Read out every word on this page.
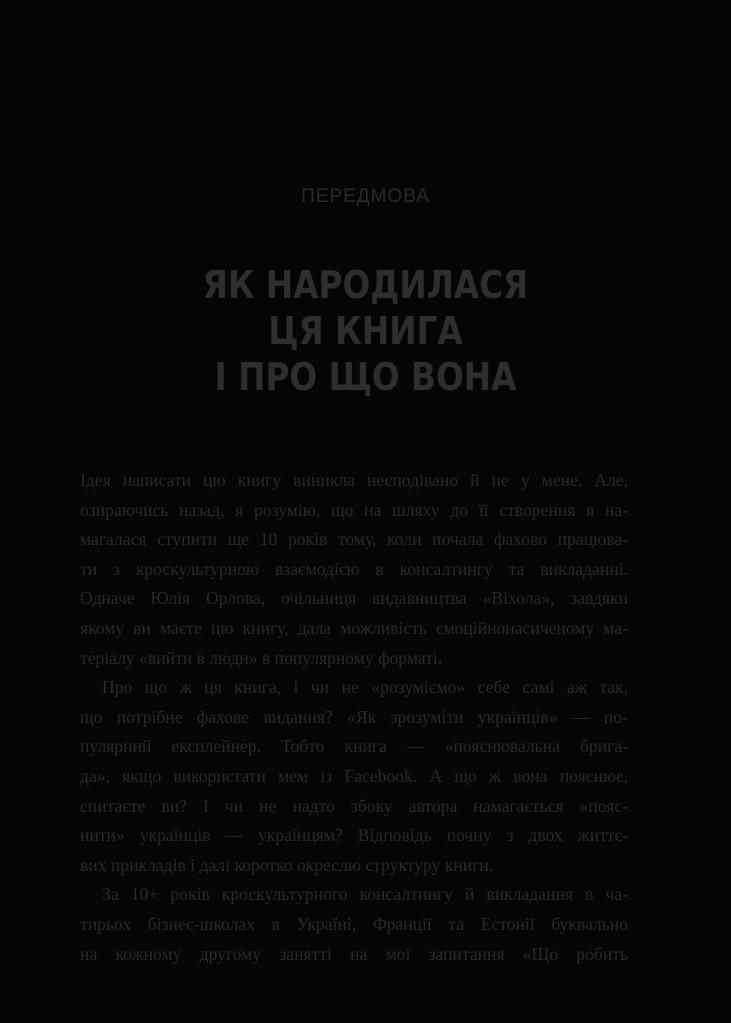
ПЕРЕДМОВА
ЯК НАРОДИЛАСЯ
ЦЯ КНИГА
І ПРО ЩО ВОНА
Ідея написати цю книгу виникла несподівано й не у мене. Але,
озираючись назад, я розумію, що на шляху до її створення я на-
магалася ступити ще 10 років тому, коли почала фахово працюва-
ти з кроскультурною взаємодією в консалтингу та викладанні.
Одначе Юлія Орлова, очільниця видавництва «Віхола», завдяки
якому ви маєте цю книгу, дала можливість ємоційнонасиченому ма-
теріалу «вийти в люди» в популярному форматі.
Про що ж ця книга, і чи не «розуміємо» себе самі аж так,
що потрібне фахове видання? «Як зрозуміти українців» — по-
пулярний експлейнер. Тобто книга — «пояснювальна брига-
да», якщо використати мем із Facebook. А що ж вона пояснює,
спитаєте ви? І чи не надто збоку автора намагається «пояс-
нити» українців — українцям? Відповідь почну з двох життє-
вих прикладів і далі коротко окреслю структуру книги.
За 10+ років кроскультурного консалтингу й викладання в ча-
тирьох бізнес-школах в Україні, Франції та Естонії буквально
на кожному другому занятті на мої запитання «Що робить
